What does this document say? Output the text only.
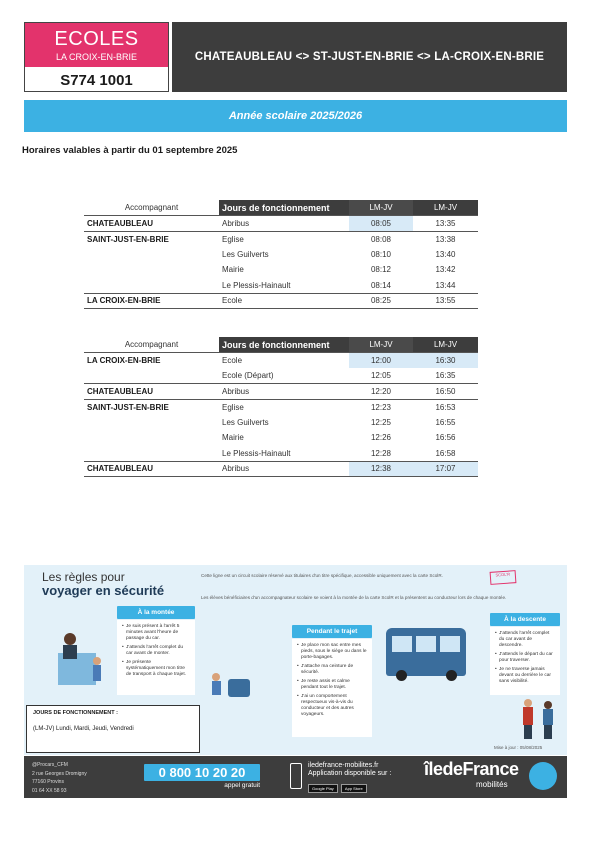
ECOLES
LA CROIX-EN-BRIE
S774 1001
CHATEAUBLEAU <> ST-JUST-EN-BRIE <> LA-CROIX-EN-BRIE
Année scolaire 2025/2026
Horaires valables à partir du 01 septembre 2025
Accompagnant	Jours de fonctionnement	LM-JV	LM-JV
CHATEAUBLEAU	Abribus	08:05	13:35
SAINT-JUST-EN-BRIE	Eglise	08:08	13:38
	Les Guilverts	08:10	13:40
	Mairie	08:12	13:42
	Le Plessis-Hainault	08:14	13:44
LA CROIX-EN-BRIE	Ecole	08:25	13:55
Accompagnant	Jours de fonctionnement	LM-JV	LM-JV
LA CROIX-EN-BRIE	Ecole	12:00	16:30
	Ecole (Départ)	12:05	16:35
CHATEAUBLEAU	Abribus	12:20	16:50
SAINT-JUST-EN-BRIE	Eglise	12:23	16:53
	Les Guilverts	12:25	16:55
	Mairie	12:26	16:56
	Le Plessis-Hainault	12:28	16:58
CHATEAUBLEAU	Abribus	12:38	17:07
Les règles pour
voyager en sécurité
Cette ligne est un circuit scolaire réservé aux titulaires d'un titre spécifique, accessible uniquement avec la carte ScolR.
Les élèves bénéficiaires d'un accompagnateur scolaire se voient à la montée de la carte ScolR et la présentent au conducteur lors de chaque montée.
SCOL'R
À la montée
• Je suis présent à l'arrêt 5 minutes avant l'heure de passage du car.
• J'attends l'arrêt complet du car avant de monter.
• Je présente systématiquement mon titre de transport à chaque trajet.
Pendant le trajet
• Je place mon sac entre mes pieds, sous le siège ou dans le porte-bagages.
• J'attache ma ceinture de sécurité.
• Je reste assis et calme pendant tout le trajet.
• J'ai un comportement respectueux vis-à-vis du conducteur et des autres voyageurs.
À la descente
• J'attends l'arrêt complet du car avant de descendre.
• J'attends le départ du car pour traverser.
• Je ne traverse jamais devant ou derrière le car sans visibilité.
JOURS DE FONCTIONNEMENT :
(LM-JV) Lundi, Mardi, Jeudi, Vendredi
Mise à jour : 05/08/2025
@Procars_CFM
2 rue Georges Dromigny
77160 Provins
01 64 XX 58 93
0 800 10 20 20
appel gratuit
iledefrance-mobilites.fr
Application disponible sur :
Google Play	App Store
îledeFrance
mobilités
